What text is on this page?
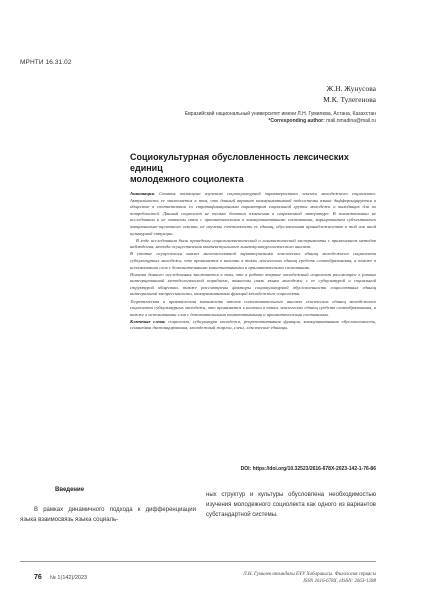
МРНТИ 16.31.02
Ж.Н. Жунусова
М.К. Тулегенова
Евразийский национальный университет имени Л.Н. Гумилева, Астана, Казахстан
*Corresponding author: mail.nmadina@mail.ru
Социокультурная обусловленность лексических единиц
молодежного социолекта

Аннотация. Статья посвящена изучению социокультурной характеристики лексики молодежного социолекта. Актуальность ее заключается в том, что данный вариант коммуникативной подсистемы языка дифференцируется в обществе в соответствии со стратификационным параметром социальной группы молодежи и выходящих для их потребностей. Данный социолект не только денотно изменения в современной литературе. В заимствовании не исследованы и не охвачены связи с прагматическими и коммуникативными составными, варьированием субъективного эмоционально-оценочного лексики, не изучены сочетаемость ее единиц, обусловленная принадлежностью к той или иной культурной ситуации.

В ходе исследования были проведены социолингвистический и лингвистический эксперименты с применением методов наблюдения, метода осуществления контекстуального лингвокультурологического анализа.

В статье осуществлен анализ многоаспектной характеристики лексических единиц молодежного социолекта субкультурных молодежи, что проявляется в наличии в таких лексических единиц средств словообразования, а также в использовании слов с дополнительными коннотативными и прагматическими составными.

Новизна данного исследования заключается в том, что в работе впервые молодежный социолект рассмотрен в разных интегрированной методологической парадигме, выявлены связь языка молодежи с ее субкультурой и социальной структурой общества, также рассмотрены факторы социокультурной обусловленности социолектных единиц интегральной экспрессивности, коммуникативных функций молодежного социолекта.

Теоретическая и практическая значимость итогов сопоставительного анализа лексических единиц молодежного социолекта субкультурных молодежи, что проявляется в наличии в таких лексических единиц средств словообразования, а также в использовании слов с дополнительными коннотативными и прагматическими составными.

Ключевые слова: социолект, субкультура молодежи, репрезентативная функция, коммуникативная обусловленность, семантика дистанцирования, молодежный жаргон, сленг, лексические единицы.

DOI: https://doi.org/10.32523/2616-678X-2023-142-1-76-86
Введение
В рамках динамичного подхода к дифференциации языка взаимосвязь языка социаль-
ных структур и культуры обусловлена необходимостью изучения молодежного социолекта как одного из вариантов субстандартной системы.
76 № 1(142)/2023
Л.Н. Гумилев атындағы ЕҰУ Хабаршысы. Филология сериясы
ISSN 2616-678X, eISSN: 2663-1288
